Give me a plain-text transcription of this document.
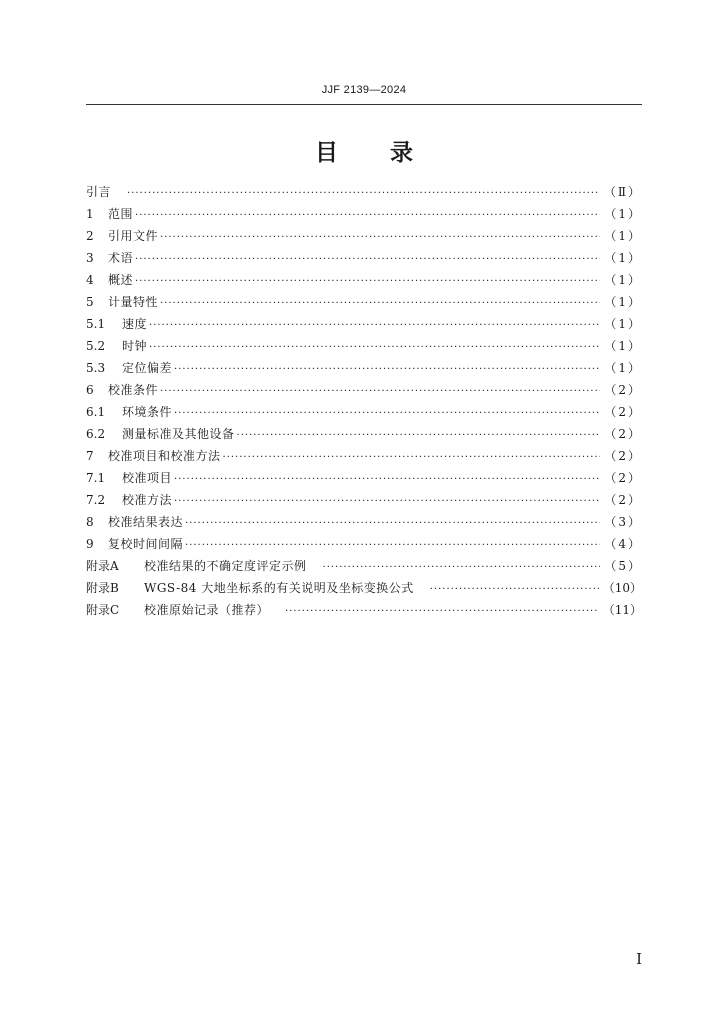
JJF 2139—2024
目 录
引言 ·····	（Ⅱ）
1	范围 ·····	（1）
2	引用文件 ·····	（1）
3	术语 ·····	（1）
4	概述 ·····	（1）
5	计量特性 ·····	（1）
5.1	速度 ·····	（1）
5.2	时钟 ·····	（1）
5.3	定位偏差 ·····	（1）
6	校准条件 ·····	（2）
6.1	环境条件 ·····	（2）
6.2	测量标准及其他设备 ·····	（2）
7	校准项目和校准方法 ·····	（2）
7.1	校准项目 ·····	（2）
7.2	校准方法 ·····	（2）
8	校准结果表达 ·····	（3）
9	复校时间间隔 ·····	（4）
附录A	校准结果的不确定度评定示例 ·····	（5）
附录B	WGS-84 大地坐标系的有关说明及坐标变换公式 ·····	（10）
附录C	校准原始记录（推荐） ·····	（11）
Ⅰ
